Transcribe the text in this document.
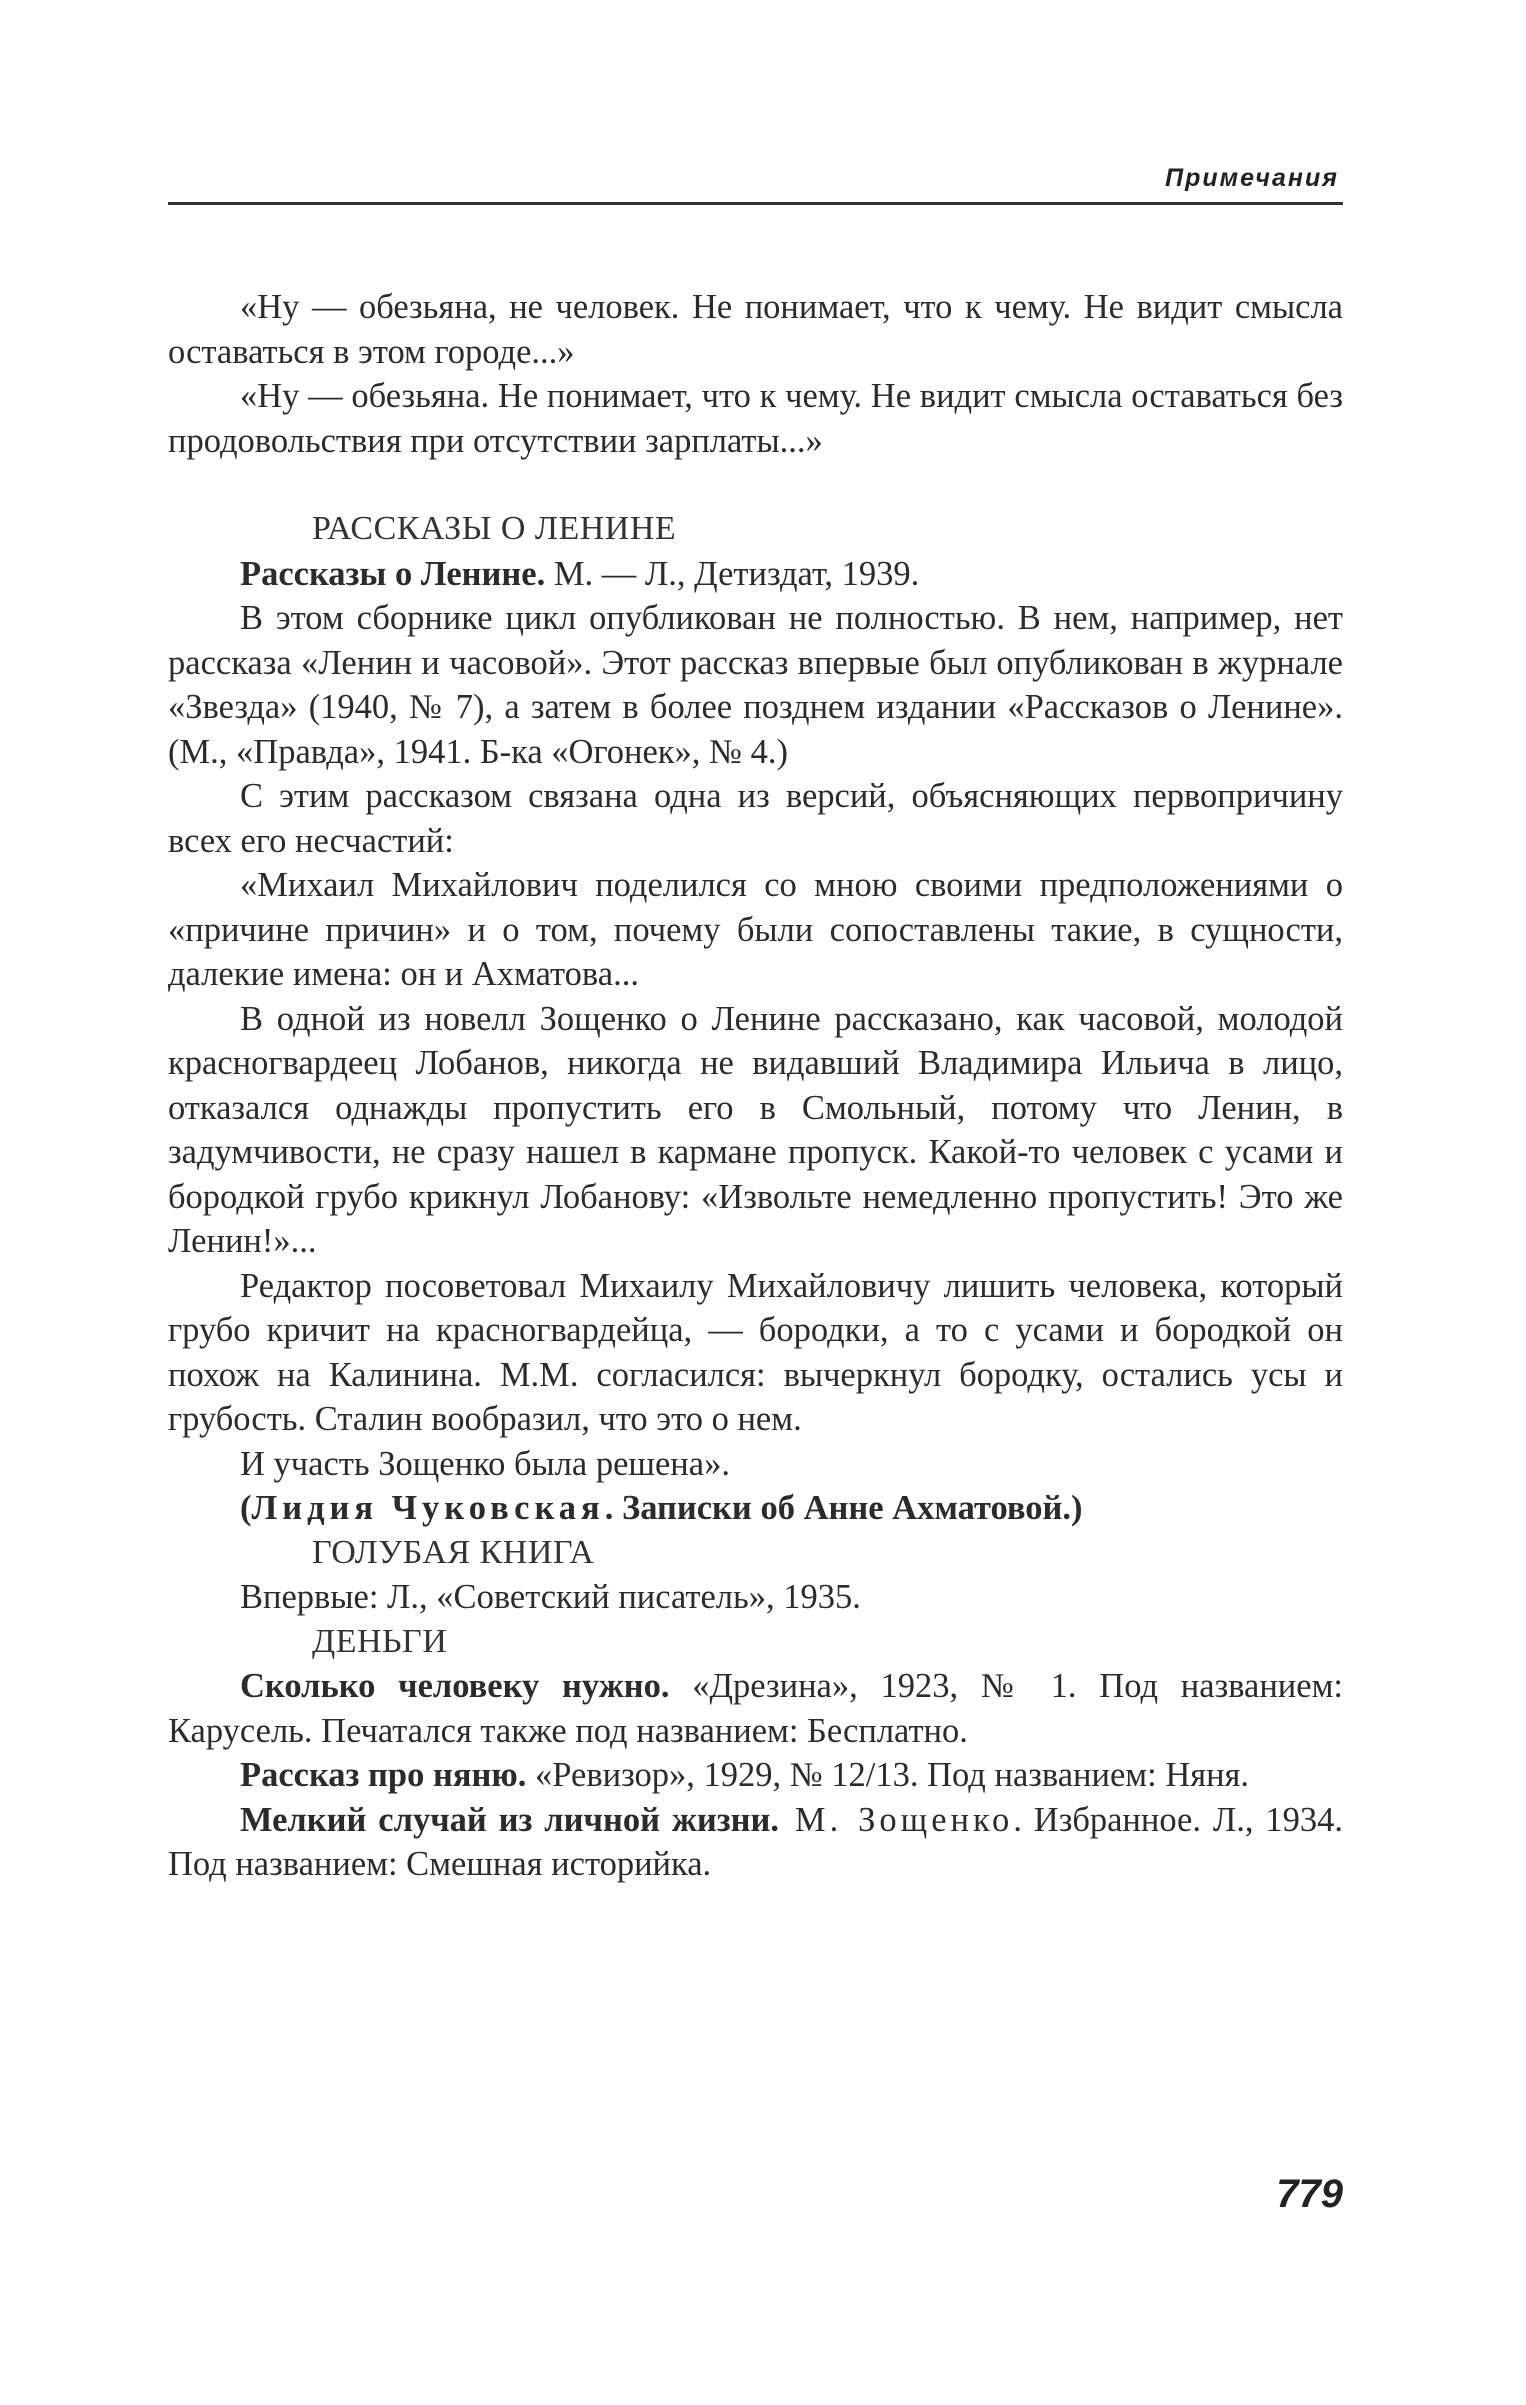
Примечания

«Ну — обезьяна, не человек. Не понимает, что к чему. Не видит смысла оставаться в этом городе...»

«Ну — обезьяна. Не понимает, что к чему. Не видит смысла оставаться без продовольствия при отсутствии зарплаты...»

РАССКАЗЫ О ЛЕНИНЕ

Рассказы о Ленине. М. — Л., Детиздат, 1939.

В этом сборнике цикл опубликован не полностью. В нем, например, нет рассказа «Ленин и часовой». Этот рассказ впервые был опубликован в журнале «Звезда» (1940, № 7), а затем в более позднем издании «Рассказов о Ленине». (М., «Правда», 1941. Б-ка «Огонек», № 4.)

С этим рассказом связана одна из версий, объясняющих первопричину всех его несчастий:

«Михаил Михайлович поделился со мною своими предположениями о «причине причин» и о том, почему были сопоставлены такие, в сущности, далекие имена: он и Ахматова...

В одной из новелл Зощенко о Ленине рассказано, как часовой, молодой красногвардеец Лобанов, никогда не видавший Владимира Ильича в лицо, отказался однажды пропустить его в Смольный, потому что Ленин, в задумчивости, не сразу нашел в кармане пропуск. Какой-то человек с усами и бородкой грубо крикнул Лобанову: «Извольте немедленно пропустить! Это же Ленин!»...

Редактор посоветовал Михаилу Михайловичу лишить человека, который грубо кричит на красногвардейца, — бородки, а то с усами и бородкой он похож на Калинина. М.М. согласился: вычеркнул бородку, остались усы и грубость. Сталин вообразил, что это о нем.

И участь Зощенко была решена».

(Лидия Чуковская. Записки об Анне Ахматовой.)

ГОЛУБАЯ КНИГА

Впервые: Л., «Советский писатель», 1935.

ДЕНЬГИ

Сколько человеку нужно. «Дрезина», 1923, № 1. Под названием: Карусель. Печатался также под названием: Бесплатно.

Рассказ про няню. «Ревизор», 1929, № 12/13. Под названием: Няня.

Мелкий случай из личной жизни. М. Зощенко. Избранное. Л., 1934. Под названием: Смешная историйка.

779
